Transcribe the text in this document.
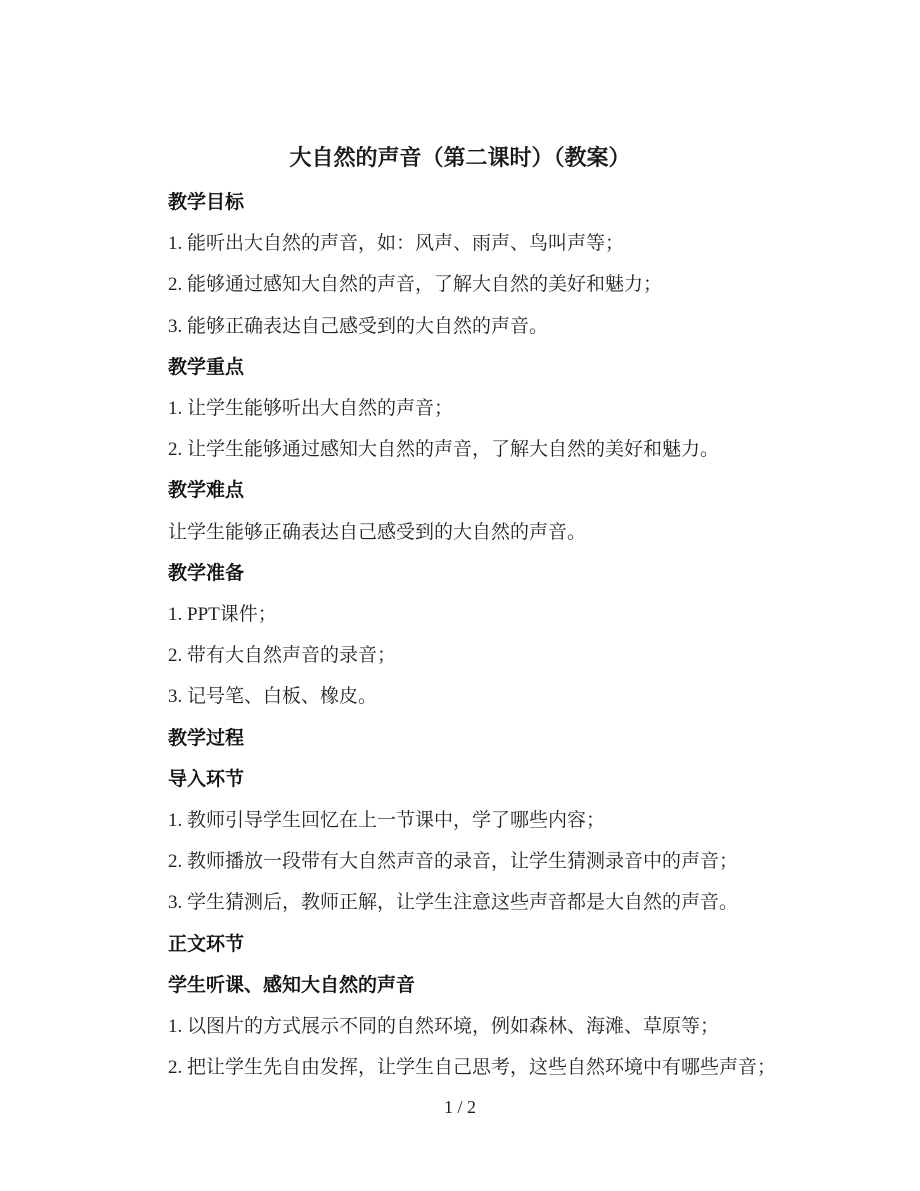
大自然的声音（第二课时）（教案）

教学目标

1. 能听出大自然的声音，如：风声、雨声、鸟叫声等；

2. 能够通过感知大自然的声音，了解大自然的美好和魅力；

3. 能够正确表达自己感受到的大自然的声音。

教学重点

1. 让学生能够听出大自然的声音；

2. 让学生能够通过感知大自然的声音，了解大自然的美好和魅力。

教学难点

让学生能够正确表达自己感受到的大自然的声音。

教学准备

1. PPT课件；

2. 带有大自然声音的录音；

3. 记号笔、白板、橡皮。

教学过程

导入环节

1. 教师引导学生回忆在上一节课中，学了哪些内容；

2. 教师播放一段带有大自然声音的录音，让学生猜测录音中的声音；

3. 学生猜测后，教师正解，让学生注意这些声音都是大自然的声音。

正文环节

学生听课、感知大自然的声音

1. 以图片的方式展示不同的自然环境，例如森林、海滩、草原等；

2. 把让学生先自由发挥，让学生自己思考，这些自然环境中有哪些声音；

1 / 2
